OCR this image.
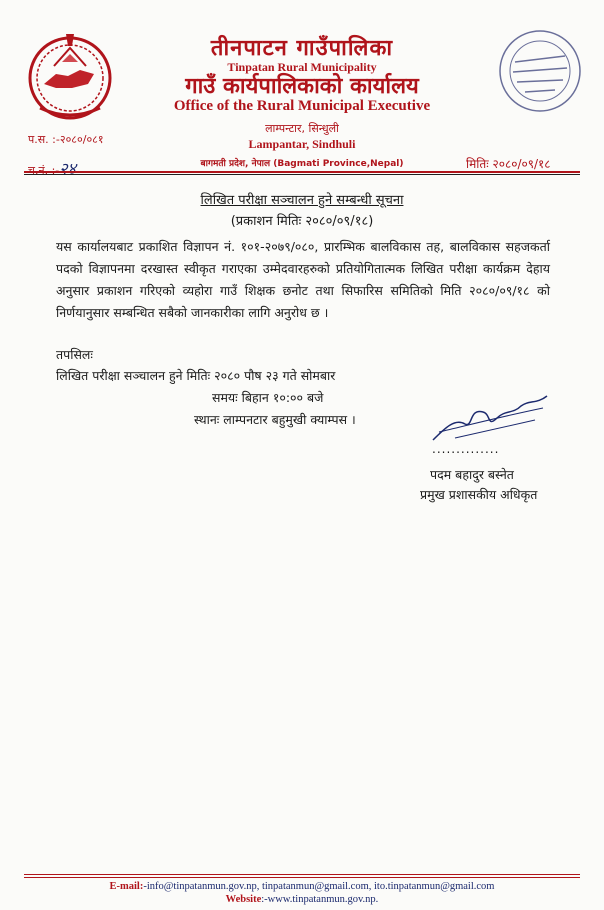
तीनपाटन गाउँपालिका
Tinpatan Rural Municipality
गाउँ कार्यपालिकाको कार्यालय
Office of the Rural Municipal Executive
लाम्पन्टार, सिन्धुली
Lampantar, Sindhuli
बागमती प्रदेश, नेपाल (Bagmati Province,Nepal)
प.स. :-२०८०/०८१
च.नं. :-२४	मितिः २०८०/०९/१८
लिखित परीक्षा सञ्चालन हुने सम्बन्धी सूचना
(प्रकाशन मितिः २०८०/०९/१८)

यस कार्यालयबाट प्रकाशित विज्ञापन नं. १०१-२०७९/०८०, प्रारम्भिक बालविकास तह, बालविकास सहजकर्ता पदको विज्ञापनमा दरखास्त स्वीकृत गराएका उम्मेदवारहरुको प्रतियोगितात्मक लिखित परीक्षा कार्यक्रम देहाय अनुसार प्रकाशन गरिएको व्यहोरा गाउँ शिक्षक छनोट तथा सिफारिस समितिको मिति २०८०/०९/१८ को निर्णयानुसार सम्बन्धित सबैको जानकारीका लागि अनुरोध छ ।

तपसिलः
लिखित परीक्षा सञ्चालन हुने मितिः २०८० पौष २३ गते सोमबार
समयः बिहान १०:०० बजे
स्थानः लाम्पनटार बहुमुखी क्याम्पस ।
..............
पदम बहादुर बस्नेत
प्रमुख प्रशासकीय अधिकृत
E-mail:-info@tinpatanmun.gov.np, tinpatanmun@gmail.com, ito.tinpatanmun@gmail.com
Website:-www.tinpatanmun.gov.np.
